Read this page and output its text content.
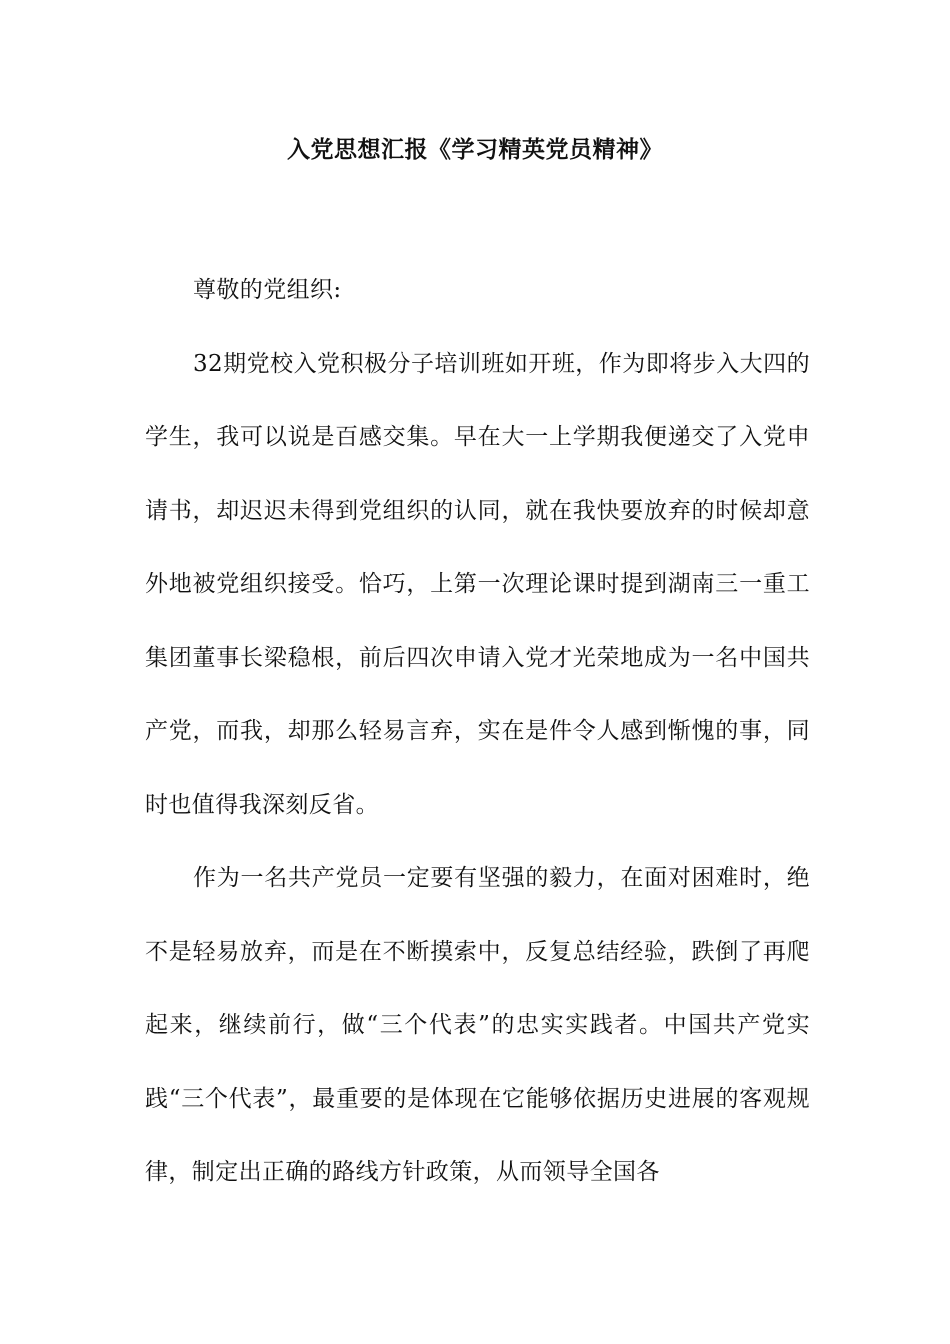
入党思想汇报《学习精英党员精神》

尊敬的党组织:

32期党校入党积极分子培训班如开班，作为即将步入大四的学生，我可以说是百感交集。早在大一上学期我便递交了入党申请书，却迟迟未得到党组织的认同，就在我快要放弃的时候却意外地被党组织接受。恰巧，上第一次理论课时提到湖南三一重工集团董事长梁稳根，前后四次申请入党才光荣地成为一名中国共产党，而我，却那么轻易言弃，实在是件令人感到惭愧的事，同时也值得我深刻反省。

作为一名共产党员一定要有坚强的毅力，在面对困难时，绝不是轻易放弃，而是在不断摸索中，反复总结经验，跌倒了再爬起来，继续前行，做“三个代表”的忠实实践者。中国共产党实践“三个代表”，最重要的是体现在它能够依据历史进展的客观规律，制定出正确的路线方针政策，从而领导全国各
